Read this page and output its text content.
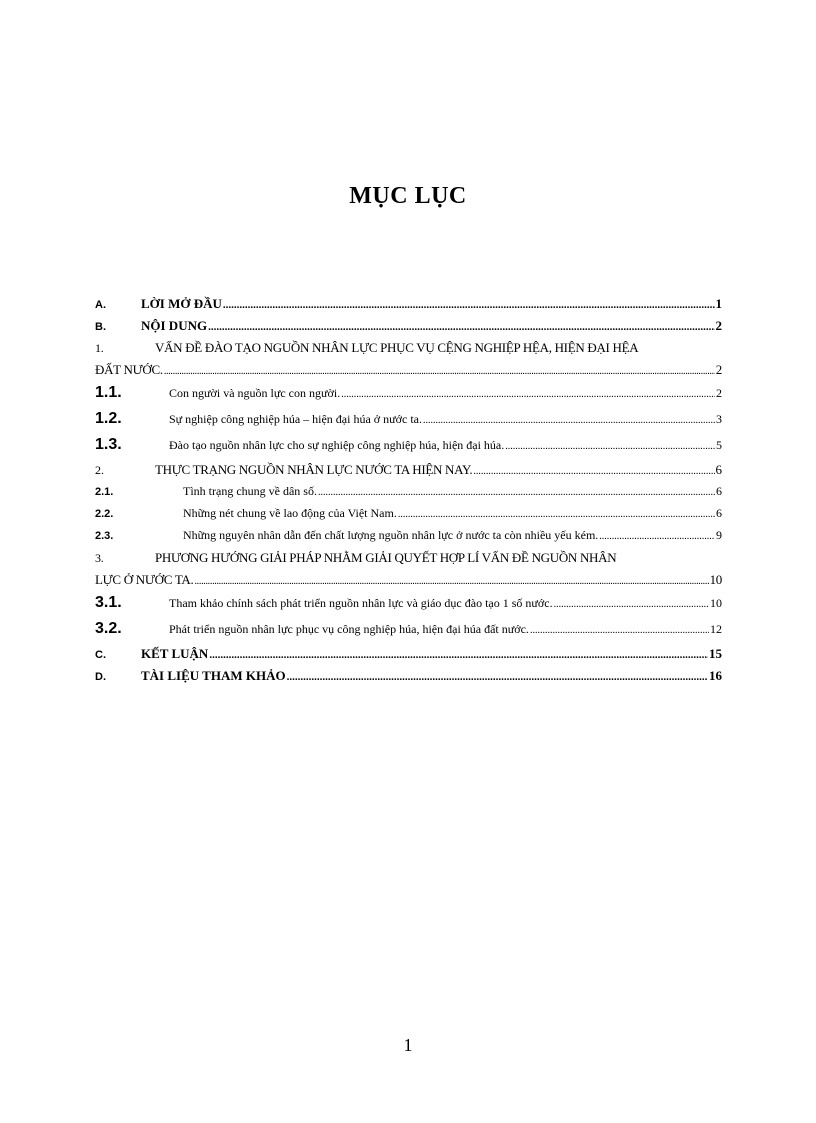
MỤC LỤC
A.	LỜI MỞ ĐẦU .....	1
B.	NỘI DUNG .....	2
1.	VẤN ĐỀ ĐÀO TẠO NGUỒN NHÂN LỰC PHỤC VỤ CỆNG NGHIỆP HỆA, HIỆN ĐẠI HỆA
ĐẤT NƯỚC. .....	2
1.1.	Con người và nguồn lực con người. .....	2
1.2.	Sự nghiệp công nghiệp húa – hiện đại húa ở nước ta. .....	3
1.3.	Đào tạo nguồn nhân lực cho sự nghiệp công nghiệp húa, hiện đại húa. .....	5
2.	THỰC TRẠNG NGUỒN NHÂN LỰC NƯỚC TA HIỆN NAY. .....	6
2.1.	Tình trạng chung về dân số. .....	6
2.2.	Những nét chung về lao động của Việt Nam. .....	6
2.3.	Những nguyên nhân dẫn đến chất lượng nguồn nhân lực ở nước ta còn nhiều yếu kém. .....	9
3.	PHƯƠNG HƯỚNG GIẢI PHÁP NHẰM GIẢI QUYẾT HỢP LÍ VẤN ĐỀ NGUỒN NHÂN
LỰC Ở NƯỚC TA. .....	10
3.1.	Tham khảo chính sách phát triển nguồn nhân lực và giáo dục đào tạo 1 số nước. .....	10
3.2.	Phát triển nguồn nhân lực phục vụ công nghiệp húa, hiện đại húa đất nước. .....	12
C.	KẾT LUẬN .....	15
D.	TÀI LIỆU THAM KHẢO .....	16
1
